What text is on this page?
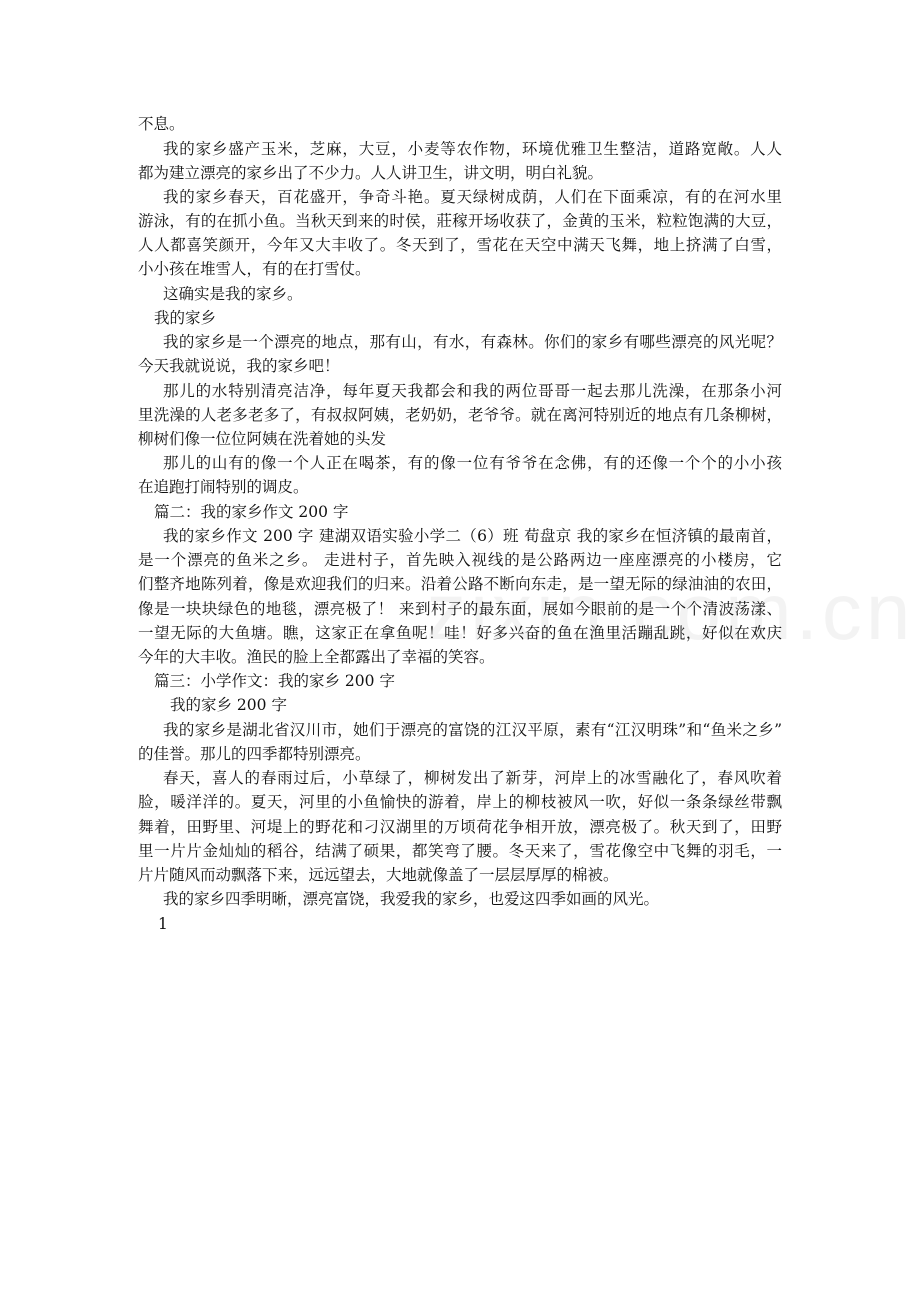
不息。
我的家乡盛产玉米，芝麻，大豆，小麦等农作物，环境优雅卫生整洁，道路宽敞。人人
都为建立漂亮的家乡出了不少力。人人讲卫生，讲文明，明白礼貌。
我的家乡春天，百花盛开，争奇斗艳。夏天绿树成荫，人们在下面乘凉，有的在河水里
游泳，有的在抓小鱼。当秋天到来的时侯，莊稼开场收获了，金黄的玉米，粒粒饱满的大豆，
人人都喜笑颜开，今年又大丰收了。冬天到了，雪花在天空中满天飞舞，地上挤满了白雪，
小小孩在堆雪人，有的在打雪仗。
这确实是我的家乡。
我的家乡
我的家乡是一个漂亮的地点，那有山，有水，有森林。你们的家乡有哪些漂亮的风光呢？
今天我就说说，我的家乡吧！
那儿的水特别清亮洁净，每年夏天我都会和我的两位哥哥一起去那儿洗澡，在那条小河
里洗澡的人老多老多了，有叔叔阿姨，老奶奶，老爷爷。就在离河特别近的地点有几条柳树，
柳树们像一位位阿姨在洗着她的头发
那儿的山有的像一个人正在喝茶，有的像一位有爷爷在念佛，有的还像一个个的小小孩
在追跑打闹特别的调皮。
篇二：我的家乡作文 200 字
我的家乡作文 200 字 建湖双语实验小学二（6）班 荀盘京 我的家乡在恒济镇的最南首，
是一个漂亮的鱼米之乡。 走进村子，首先映入视线的是公路两边一座座漂亮的小楼房，它
们整齐地陈列着，像是欢迎我们的归来。沿着公路不断向东走，是一望无际的绿油油的农田，
像是一块块绿色的地毯，漂亮极了！ 来到村子的最东面，展如今眼前的是一个个清波荡漾、
一望无际的大鱼塘。瞧，这家正在拿鱼呢！哇！好多兴奋的鱼在渔里活蹦乱跳，好似在欢庆
今年的大丰收。渔民的脸上全都露出了幸福的笑容。
篇三：小学作文：我的家乡 200 字
我的家乡 200 字
我的家乡是湖北省汉川市，她们于漂亮的富饶的江汉平原，素有“江汉明珠”和“鱼米之乡”
的佳誉。那儿的四季都特别漂亮。
春天，喜人的春雨过后，小草绿了，柳树发出了新芽，河岸上的冰雪融化了，春风吹着
脸，暖洋洋的。夏天，河里的小鱼愉快的游着，岸上的柳枝被风一吹，好似一条条绿丝带飘
舞着，田野里、河堤上的野花和刁汉湖里的万顷荷花争相开放，漂亮极了。秋天到了，田野
里一片片金灿灿的稻谷，结满了硕果，都笑弯了腰。冬天来了，雪花像空中飞舞的羽毛，一
片片随风而动飘落下来，远远望去，大地就像盖了一层层厚厚的棉被。
我的家乡四季明晰，漂亮富饶，我爱我的家乡，也爱这四季如画的风光。
1
